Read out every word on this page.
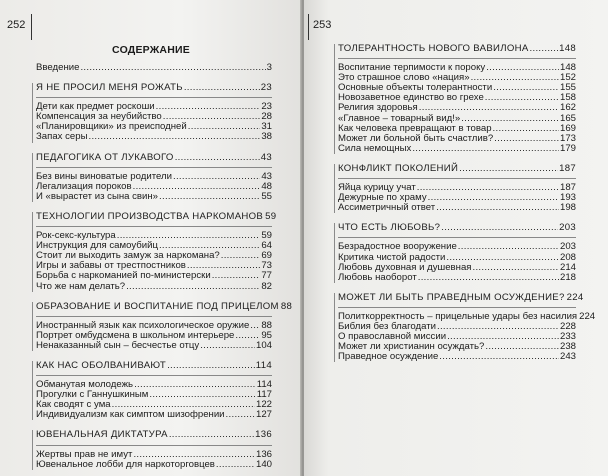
252
СОДЕРЖАНИЕ
Введение .....	3
Я НЕ ПРОСИЛ МЕНЯ РОЖАТЬ .....	23
Дети как предмет роскоши .....	23
Компенсация за неубийство .....	28
«Планировщики» из преисподней .....	31
Запах серы .....	38
ПЕДАГОГИКА ОТ ЛУКАВОГО .....	43
Без вины виноватые родители .....	43
Легализация пороков .....	48
И «вырастет из сына свин» .....	55
ТЕХНОЛОГИИ ПРОИЗВОДСТВА НАРКОМАНОВ 59
Рок-секс-культура .....	59
Инструкция для самоубийц .....	64
Стоит ли выходить замуж за наркомана? .....	69
Игры и забавы от трестпостников .....	73
Борьба с наркоманией по-министерски .....	77
Что же нам делать? .....	82
ОБРАЗОВАНИЕ И ВОСПИТАНИЕ ПОД ПРИЦЕЛОМ 88
Иностранный язык как психологическое оружие ..... 88
Портрет омбудсмена в школьном интерьере .....	95
Ненаказанный сын – бесчестье отцу .....	104
КАК НАС ОБОЛВАНИВАЮТ .....	114
Обманутая молодежь .....	114
Прогулки с Ганнушкиным .....	117
Как сводят с ума .....	122
Индивидуализм как симптом шизофрении .....	127
ЮВЕНАЛЬНАЯ ДИКТАТУРА .....	136
Жертвы прав не имут .....	136
Ювенальное лобби для наркоторговцев .....	140
253
ТОЛЕРАНТНОСТЬ НОВОГО ВАВИЛОНА .....	148
Воспитание терпимости к пороку .....	148
Это страшное слово «нация» .....	152
Основные объекты толерантности .....	155
Новозаветное единство во грехе .....	158
Религия здоровья .....	162
«Главное – товарный вид!» .....	165
Как человека превращают в товар .....	169
Может ли больной быть счастлив? .....	173
Сила немощных .....	179
КОНФЛИКТ ПОКОЛЕНИЙ .....	187
Яйца курицу учат .....	187
Дежурные по храму .....	193
Ассиметричный ответ .....	198
ЧТО ЕСТЬ ЛЮБОВЬ? .....	203
Безрадостное вооружение .....	203
Критика чистой радости .....	208
Любовь духовная и душевная .....	214
Любовь наоборот .....	218
МОЖЕТ ЛИ БЫТЬ ПРАВЕДНЫМ ОСУЖДЕНИЕ? 224
Политкорректность – прицельные удары без насилия 224
Библия без благодати .....	228
О православной миссии .....	233
Может ли христианин осуждать? .....	238
Праведное осуждение .....	243
